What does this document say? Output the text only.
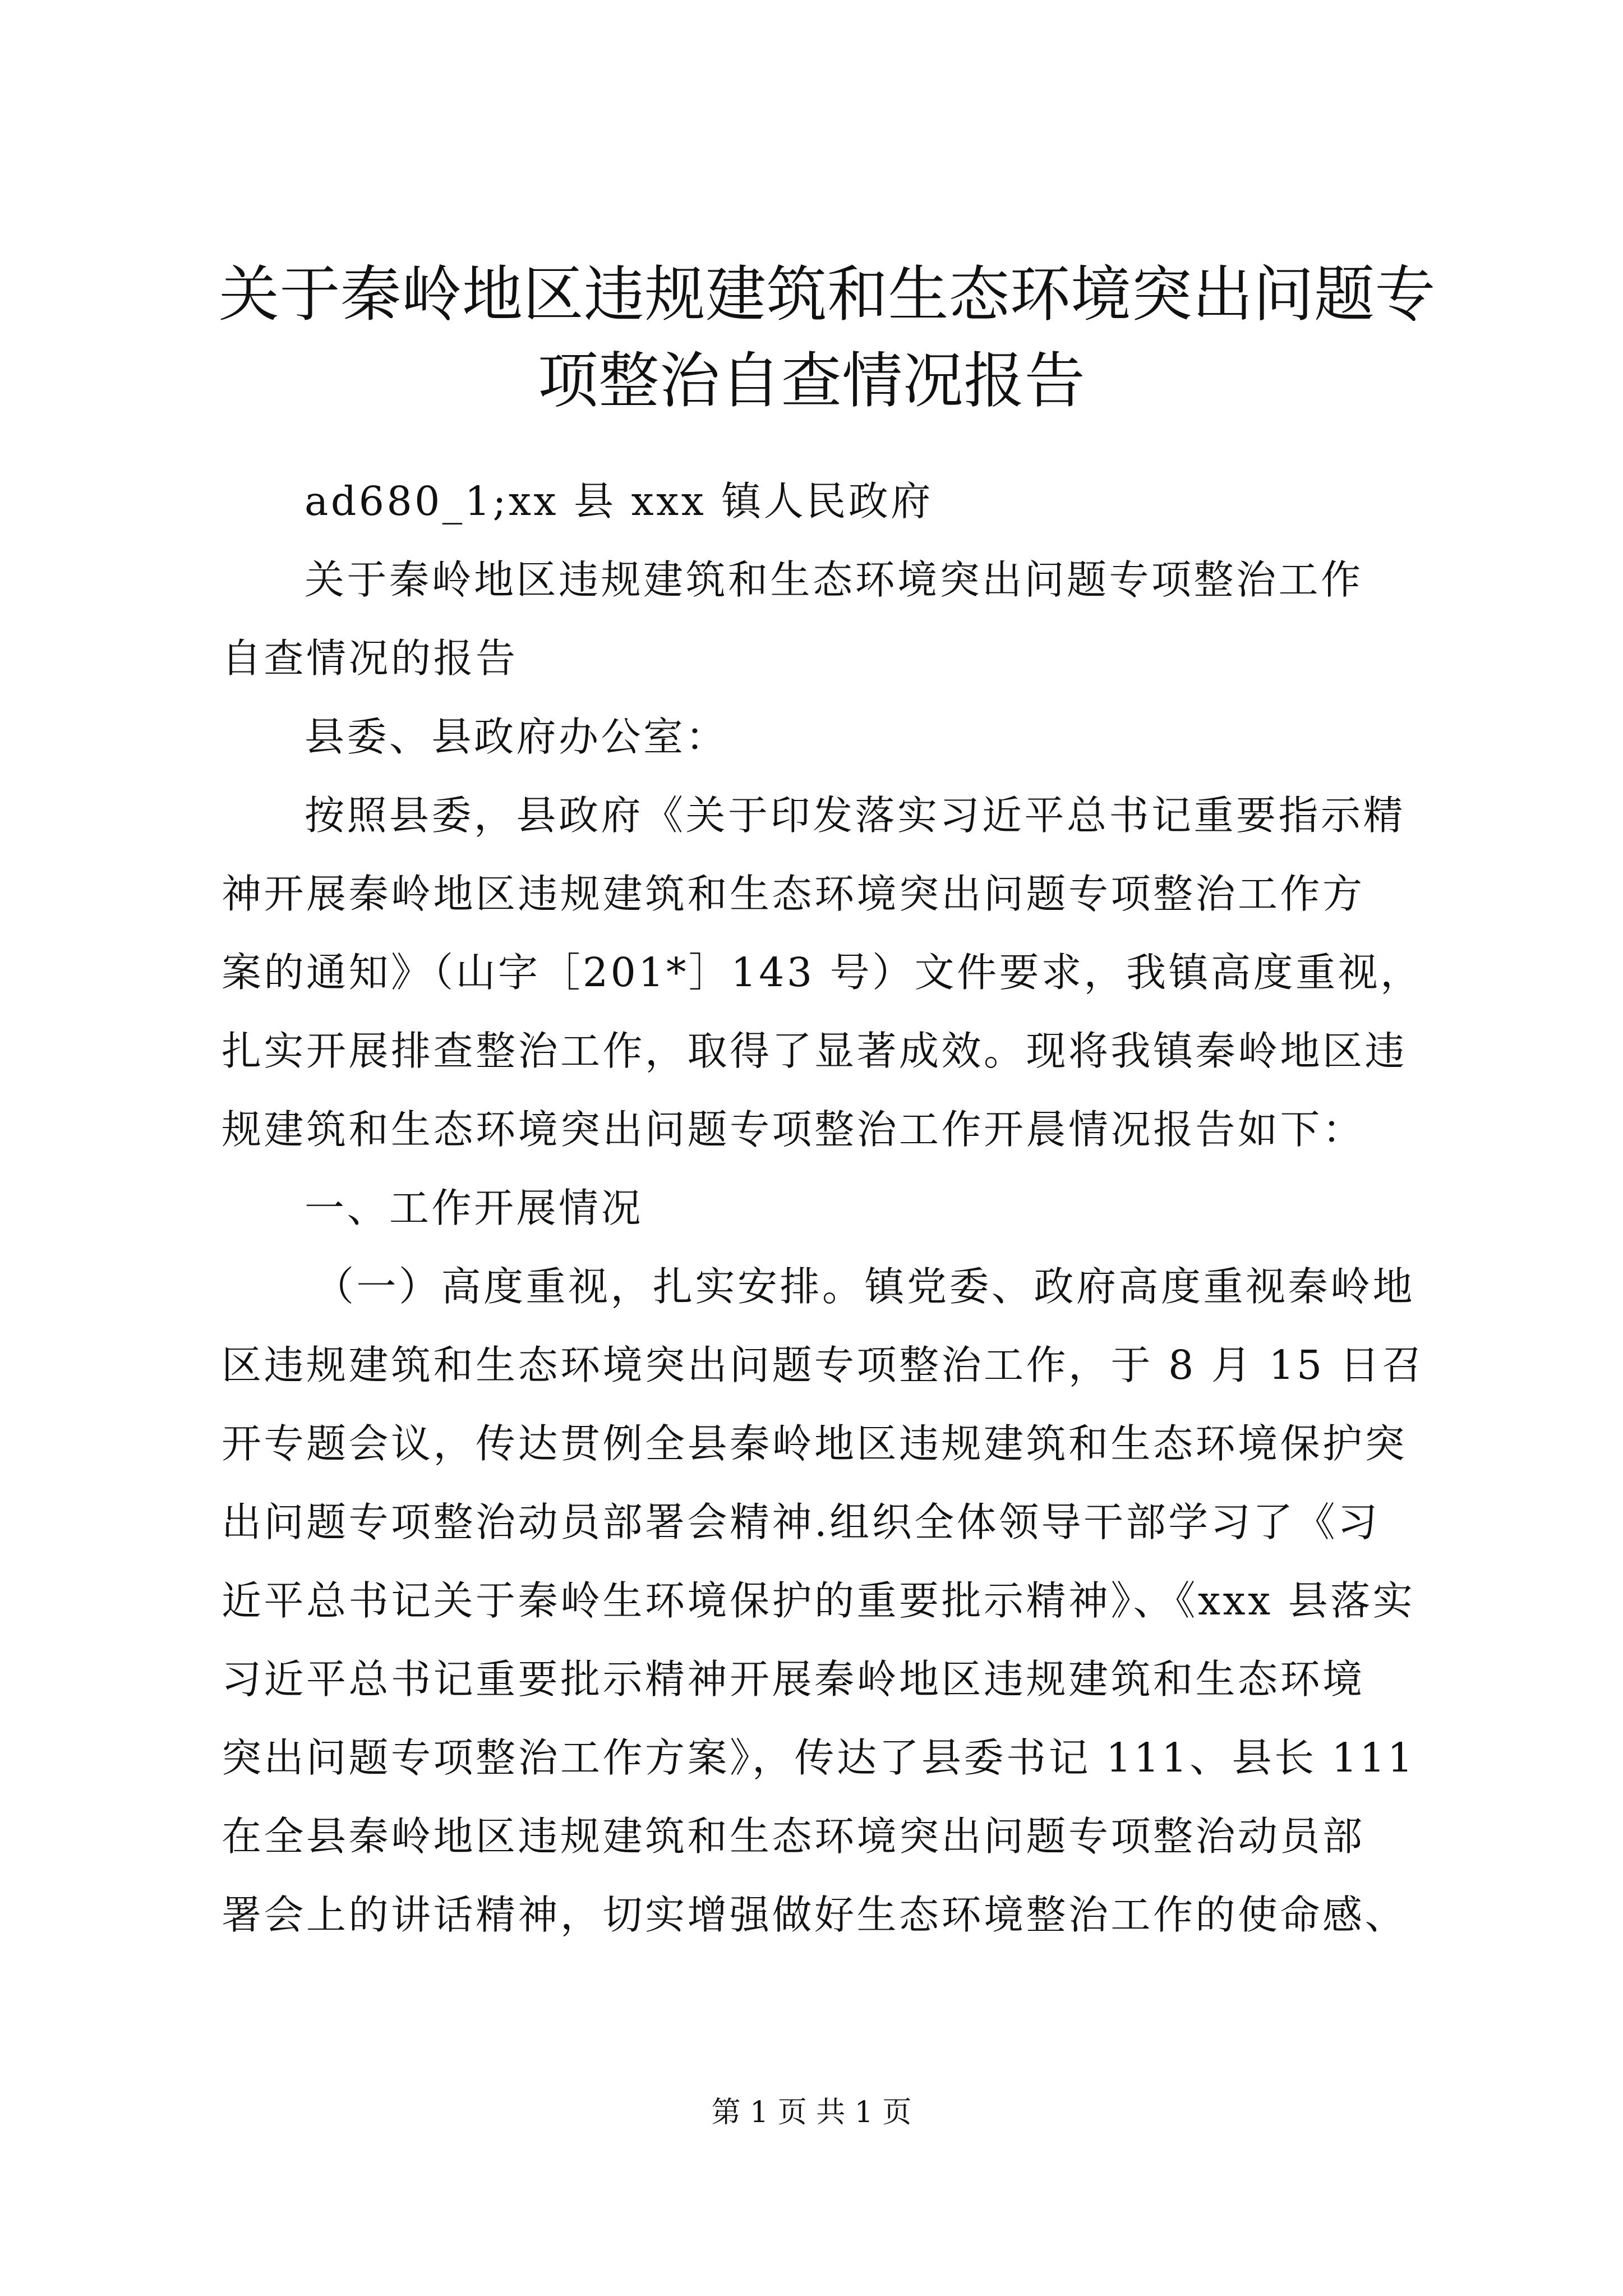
关于秦岭地区违规建筑和生态环境突出问题专
项整治自查情况报告
ad680_1;xx 县 xxx 镇人民政府
关于秦岭地区违规建筑和生态环境突出问题专项整治工作
自查情况的报告
县委、县政府办公室：
按照县委，县政府《关于印发落实习近平总书记重要指示精
神开展秦岭地区违规建筑和生态环境突出问题专项整治工作方
案的通知》（山字［201*］143 号）文件要求，我镇高度重视，
扎实开展排查整治工作，取得了显著成效。现将我镇秦岭地区违
规建筑和生态环境突出问题专项整治工作开晨情况报告如下：
一、工作开展情况
（一）高度重视，扎实安排。镇党委、政府高度重视秦岭地
区违规建筑和生态环境突出问题专项整治工作，于 8 月 15 日召
开专题会议，传达贯例全县秦岭地区违规建筑和生态环境保护突
出问题专项整治动员部署会精神.组织全体领导干部学习了《习
近平总书记关于秦岭生环境保护的重要批示精神》、《xxx 县落实
习近平总书记重要批示精神开展秦岭地区违规建筑和生态环境
突出问题专项整治工作方案》，传达了县委书记 111、县长 111
在全县秦岭地区违规建筑和生态环境突出问题专项整治动员部
署会上的讲话精神，切实增强做好生态环境整治工作的使命感、
第 1 页 共 1 页
